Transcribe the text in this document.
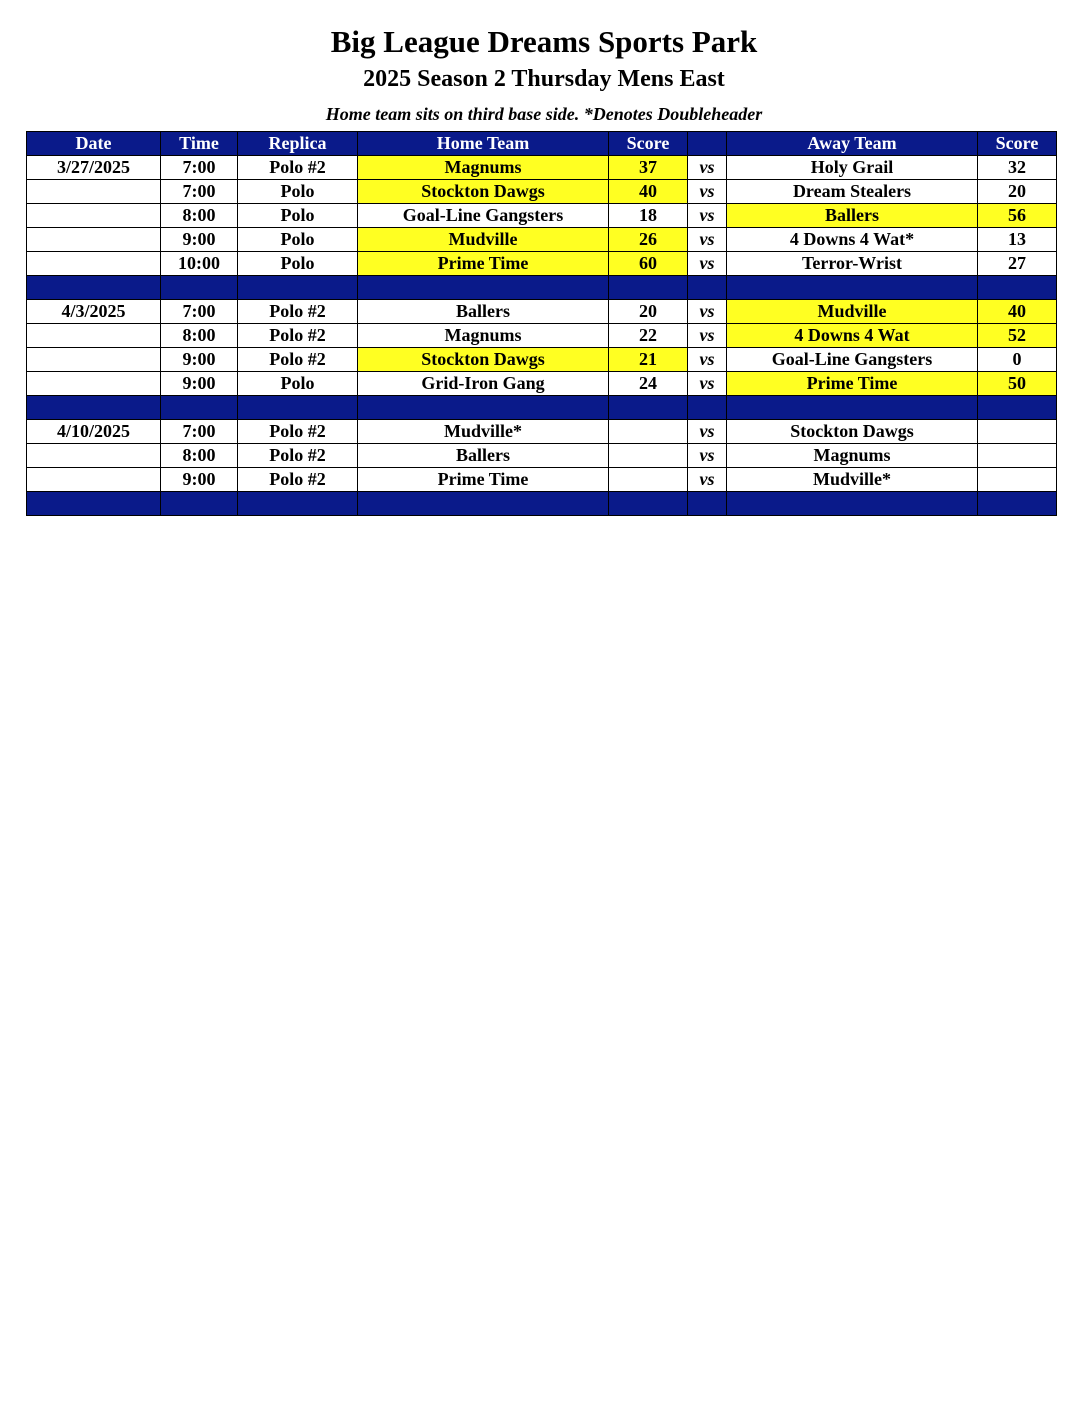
Big League Dreams Sports Park
2025 Season 2 Thursday Mens East
Home team sits on third base side. *Denotes Doubleheader
Date	Time	Replica	Home Team	Score		Away Team	Score
3/27/2025	7:00	Polo #2	Magnums	37	vs	Holy Grail	32
	7:00	Polo	Stockton Dawgs	40	vs	Dream Stealers	20
	8:00	Polo	Goal-Line Gangsters	18	vs	Ballers	56
	9:00	Polo	Mudville	26	vs	4 Downs 4 Wat*	13
	10:00	Polo	Prime Time	60	vs	Terror-Wrist	27

4/3/2025	7:00	Polo #2	Ballers	20	vs	Mudville	40
	8:00	Polo #2	Magnums	22	vs	4 Downs 4 Wat	52
	9:00	Polo #2	Stockton Dawgs	21	vs	Goal-Line Gangsters	0
	9:00	Polo	Grid-Iron Gang	24	vs	Prime Time	50

4/10/2025	7:00	Polo #2	Mudville*		vs	Stockton Dawgs	
	8:00	Polo #2	Ballers		vs	Magnums	
	9:00	Polo #2	Prime Time		vs	Mudville*	
